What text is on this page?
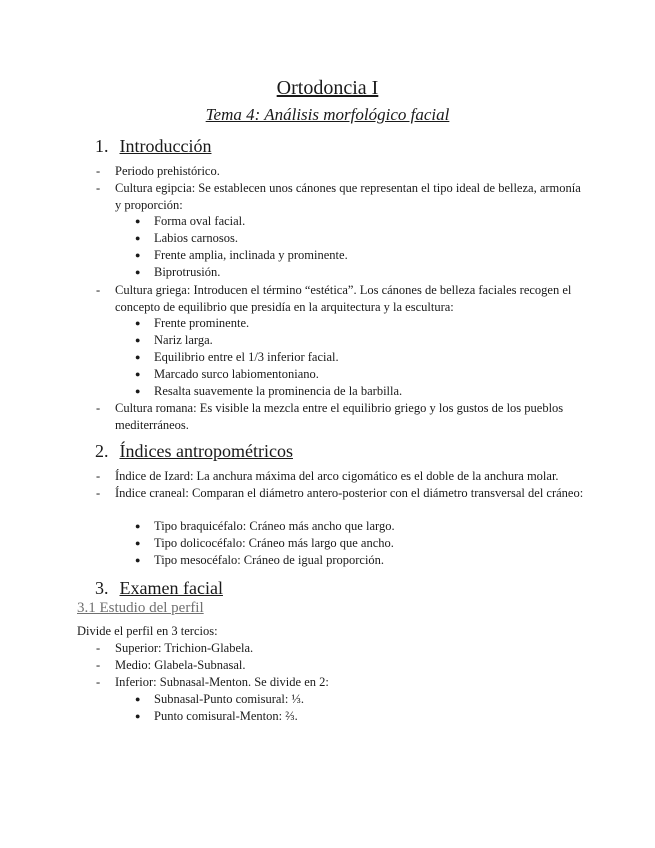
Ortodoncia I
Tema 4: Análisis morfológico facial
1. Introducción
-	Periodo prehistórico.
-	Cultura egipcia: Se establecen unos cánones que representan el tipo ideal de belleza, armonía y proporción:
●	Forma oval facial.
●	Labios carnosos.
●	Frente amplia, inclinada y prominente.
●	Biprotrusión.
-	Cultura griega: Introducen el término “estética”. Los cánones de belleza faciales recogen el concepto de equilibrio que presidía en la arquitectura y la escultura:
●	Frente prominente.
●	Nariz larga.
●	Equilibrio entre el 1/3 inferior facial.
●	Marcado surco labiomentoniano.
●	Resalta suavemente la prominencia de la barbilla.
-	Cultura romana: Es visible la mezcla entre el equilibrio griego y los gustos de los pueblos mediterráneos.
2. Índices antropométricos
-	Índice de Izard: La anchura máxima del arco cigomático es el doble de la anchura molar.
-	Índice craneal: Comparan el diámetro antero-posterior con el diámetro transversal del cráneo:
●	Tipo braquicéfalo: Cráneo más ancho que largo.
●	Tipo dolicocéfalo: Cráneo más largo que ancho.
●	Tipo mesocéfalo: Cráneo de igual proporción.
3. Examen facial
3.1 Estudio del perfil
Divide el perfil en 3 tercios:
-	Superior: Trichion-Glabela.
-	Medio: Glabela-Subnasal.
-	Inferior: Subnasal-Menton. Se divide en 2:
●	Subnasal-Punto comisural: ⅓.
●	Punto comisural-Menton: ⅔.
